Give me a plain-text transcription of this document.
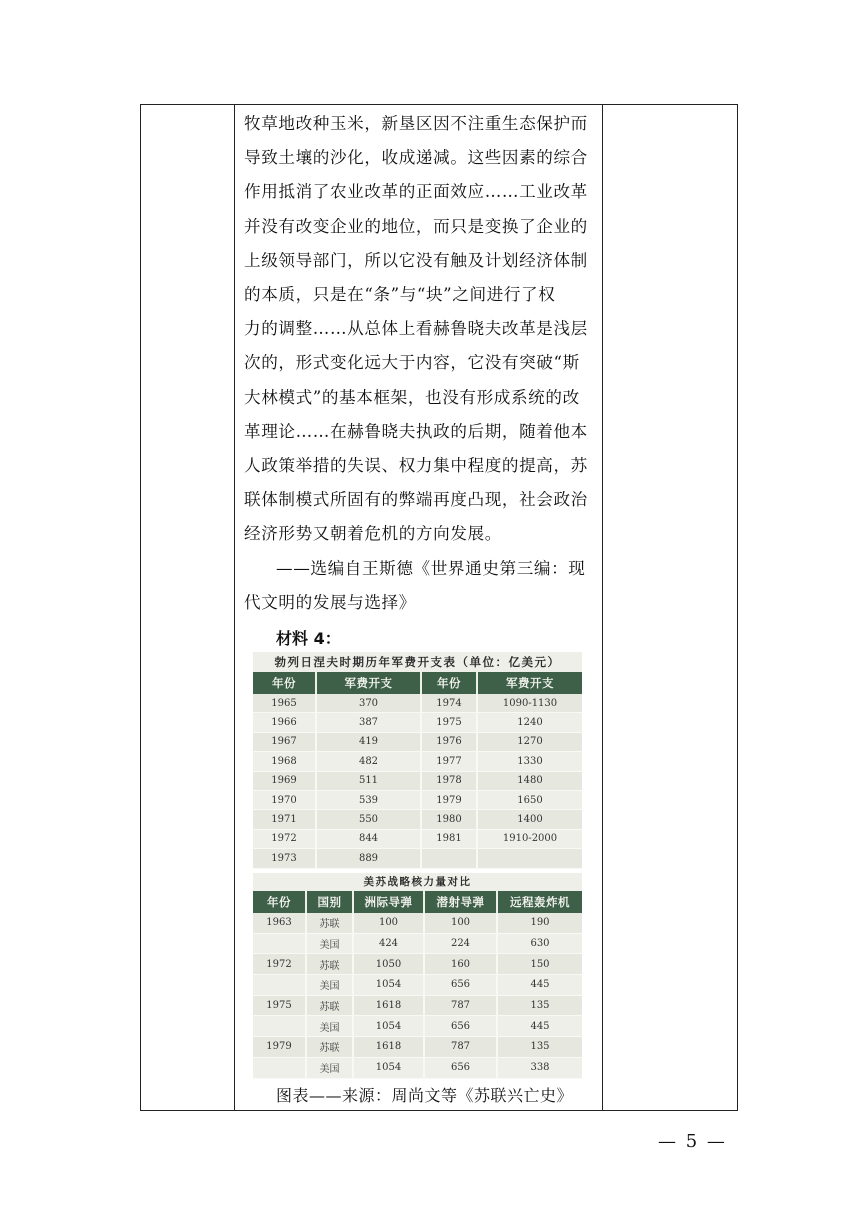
牧草地改种玉米，新垦区因不注重生态保护而
导致土壤的沙化，收成递减。这些因素的综合
作用抵消了农业改革的正面效应……工业改革
并没有改变企业的地位，而只是变换了企业的
上级领导部门，所以它没有触及计划经济体制
的本质，只是在“条”与“块”之间进行了权
力的调整……从总体上看赫鲁晓夫改革是浅层
次的，形式变化远大于内容，它没有突破“斯
大林模式”的基本框架，也没有形成系统的改
革理论……在赫鲁晓夫执政的后期，随着他本
人政策举措的失误、权力集中程度的提高，苏
联体制模式所固有的弊端再度凸现，社会政治
经济形势又朝着危机的方向发展。

——选编自王斯德《世界通史第三编：现
代文明的发展与选择》
材料 4：
勃列日涅夫时期历年军费开支表（单位：亿美元）
年份	军费开支	年份	军费开支
1965	370	1974	1090-1130
1966	387	1975	1240
1967	419	1976	1270
1968	482	1977	1330
1969	511	1978	1480
1970	539	1979	1650
1971	550	1980	1400
1972	844	1981	1910-2000
1973	889		
美苏战略核力量对比
年份	国别	洲际导弹	潜射导弹	远程轰炸机
1963	苏联	100	100	190
	美国	424	224	630
1972	苏联	1050	160	150
	美国	1054	656	445
1975	苏联	1618	787	135
	美国	1054	656	445
1979	苏联	1618	787	135
	美国	1054	656	338
图表——来源：周尚文等《苏联兴亡史》
— 5 —
